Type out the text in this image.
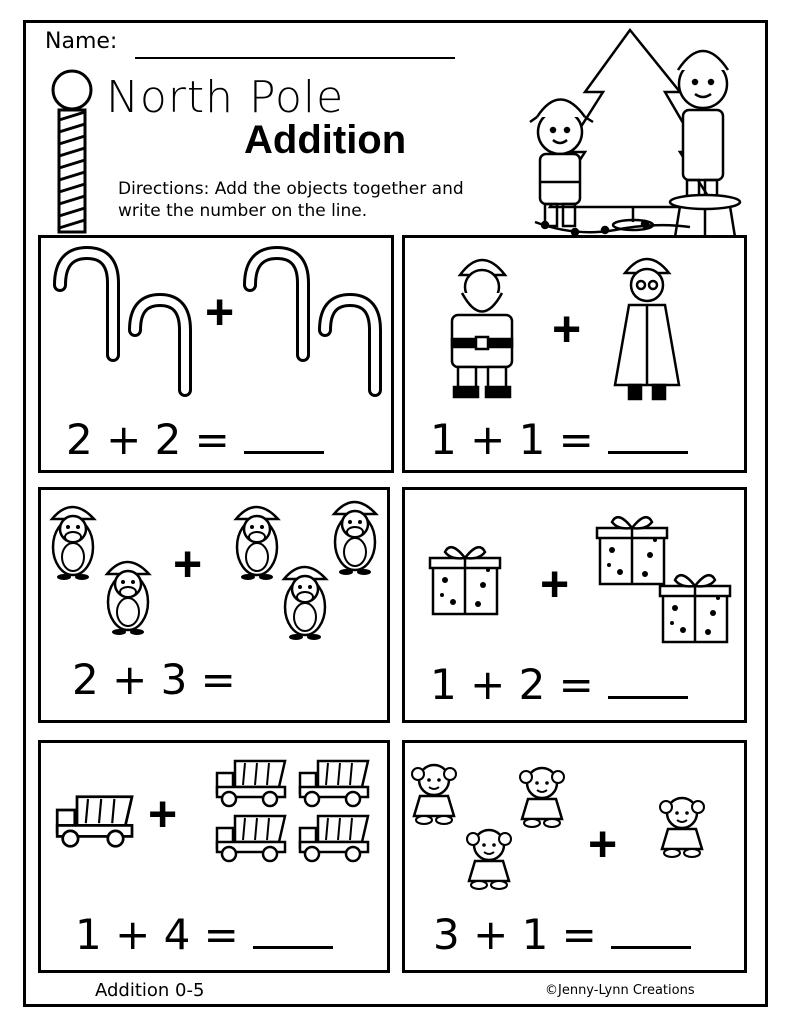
Name:
North Pole
Addition
Directions: Add the objects together and write the number on the line.
+
2 + 2 =
+
1 + 1 =
+
2 + 3 =
+
1 + 2 =
+
1 + 4 =
+
3 + 1 =
Addition 0-5	©Jenny-Lynn Creations
